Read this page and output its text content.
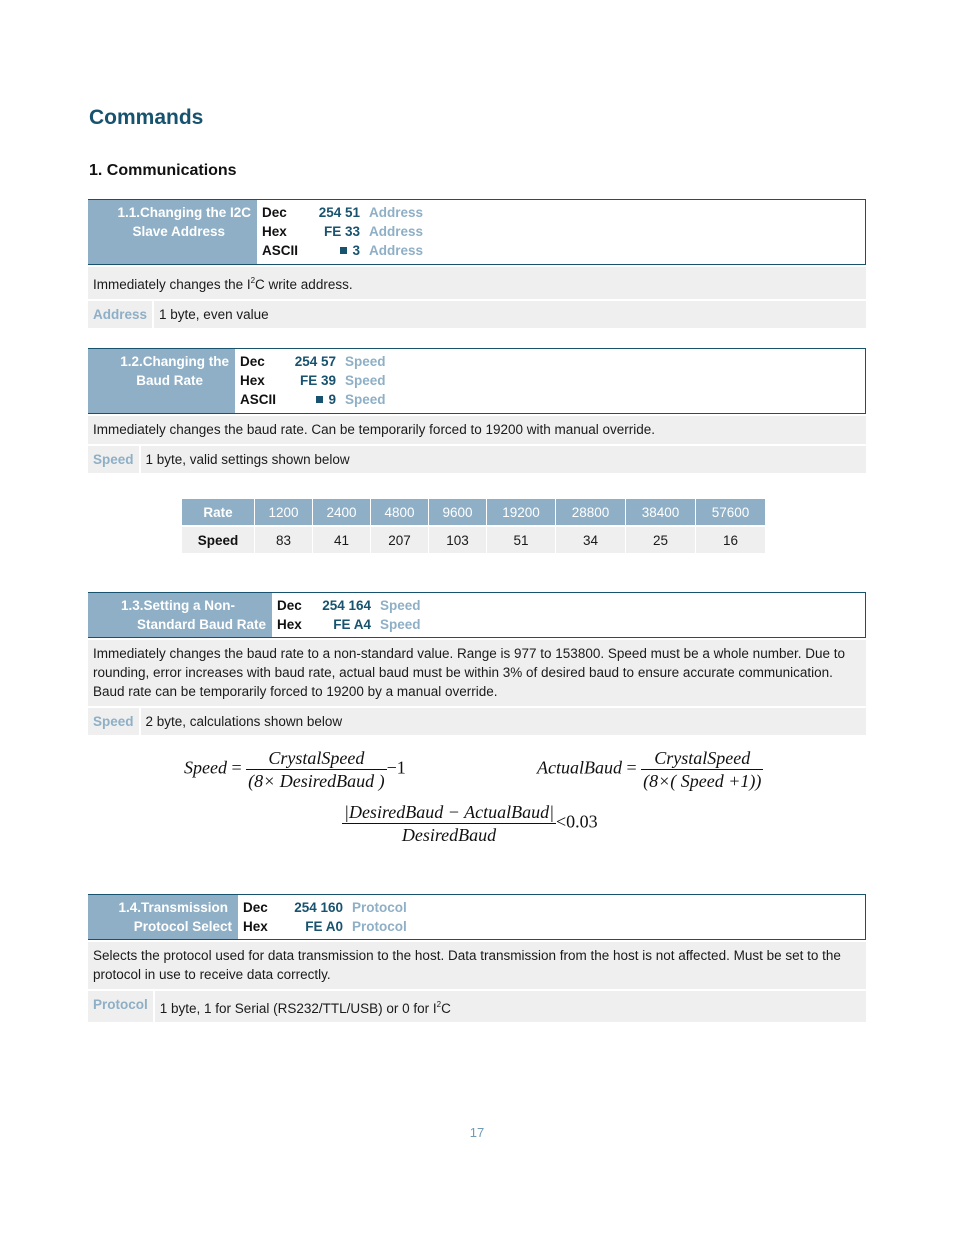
Commands
1. Communications
1.1.Changing the I2C
Slave Address
Dec	254 51 Address
Hex	FE 33 Address
ASCII	3 Address
Immediately changes the $I^2C$ write address.
Address 1 byte, even value
1.2.Changing the
Baud Rate
Dec	254 57 Speed
Hex	FE 39 Speed
ASCII	9 Speed
Immediately changes the baud rate. Can be temporarily forced to 19200 with manual override.
Speed 1 byte, valid settings shown below
Rate	1200	2400	4800	9600	19200	28800	38400	57600
Speed	83	41	207	103	51	34	25	16
1.3.Setting a Non-
Standard Baud Rate
Dec	254 164 Speed
Hex	FE A4 Speed
Immediately changes the baud rate to a non-standard value. Range is 977 to 153800. Speed must be a whole number. Due to rounding, error increases with baud rate, actual baud must be within 3% of desired baud to ensure accurate communication. Baud rate can be temporarily forced to 19200 by a manual override.
Speed 2 byte, calculations shown below
Speed = $\frac{\text{CrystalSpeed}}{\text{(8× DesiredBaud )}} -1$	ActualBaud = $\frac{\text{CrystalSpeed}}{\text{(8×( Speed +1))}}$
$\frac{\text{|DesiredBaud − ActualBaud|}}{\text{DesiredBaud}} <0.03$
1.4.Transmission
Protocol Select
Dec	254 160 Protocol
Hex	FE A0 Protocol
Selects the protocol used for data transmission to the host. Data transmission from the host is not affected. Must be set to the protocol in use to receive data correctly.
Protocol 1 byte, 1 for Serial (RS232/TTL/USB) or 0 for $I^2C$
17
